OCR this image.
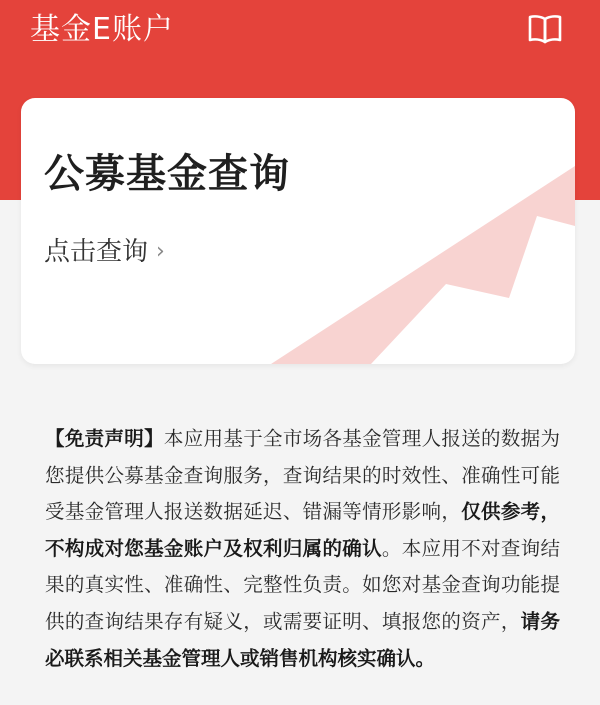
基金E账户
公募基金查询
点击查询 ›
【免责声明】本应用基于全市场各基金管理人报送的数据为您提供公募基金查询服务，查询结果的时效性、准确性可能受基金管理人报送数据延迟、错漏等情形影响，仅供参考，不构成对您基金账户及权利归属的确认。本应用不对查询结果的真实性、准确性、完整性负责。如您对基金查询功能提供的查询结果存有疑义，或需要证明、填报您的资产，请务必联系相关基金管理人或销售机构核实确认。
